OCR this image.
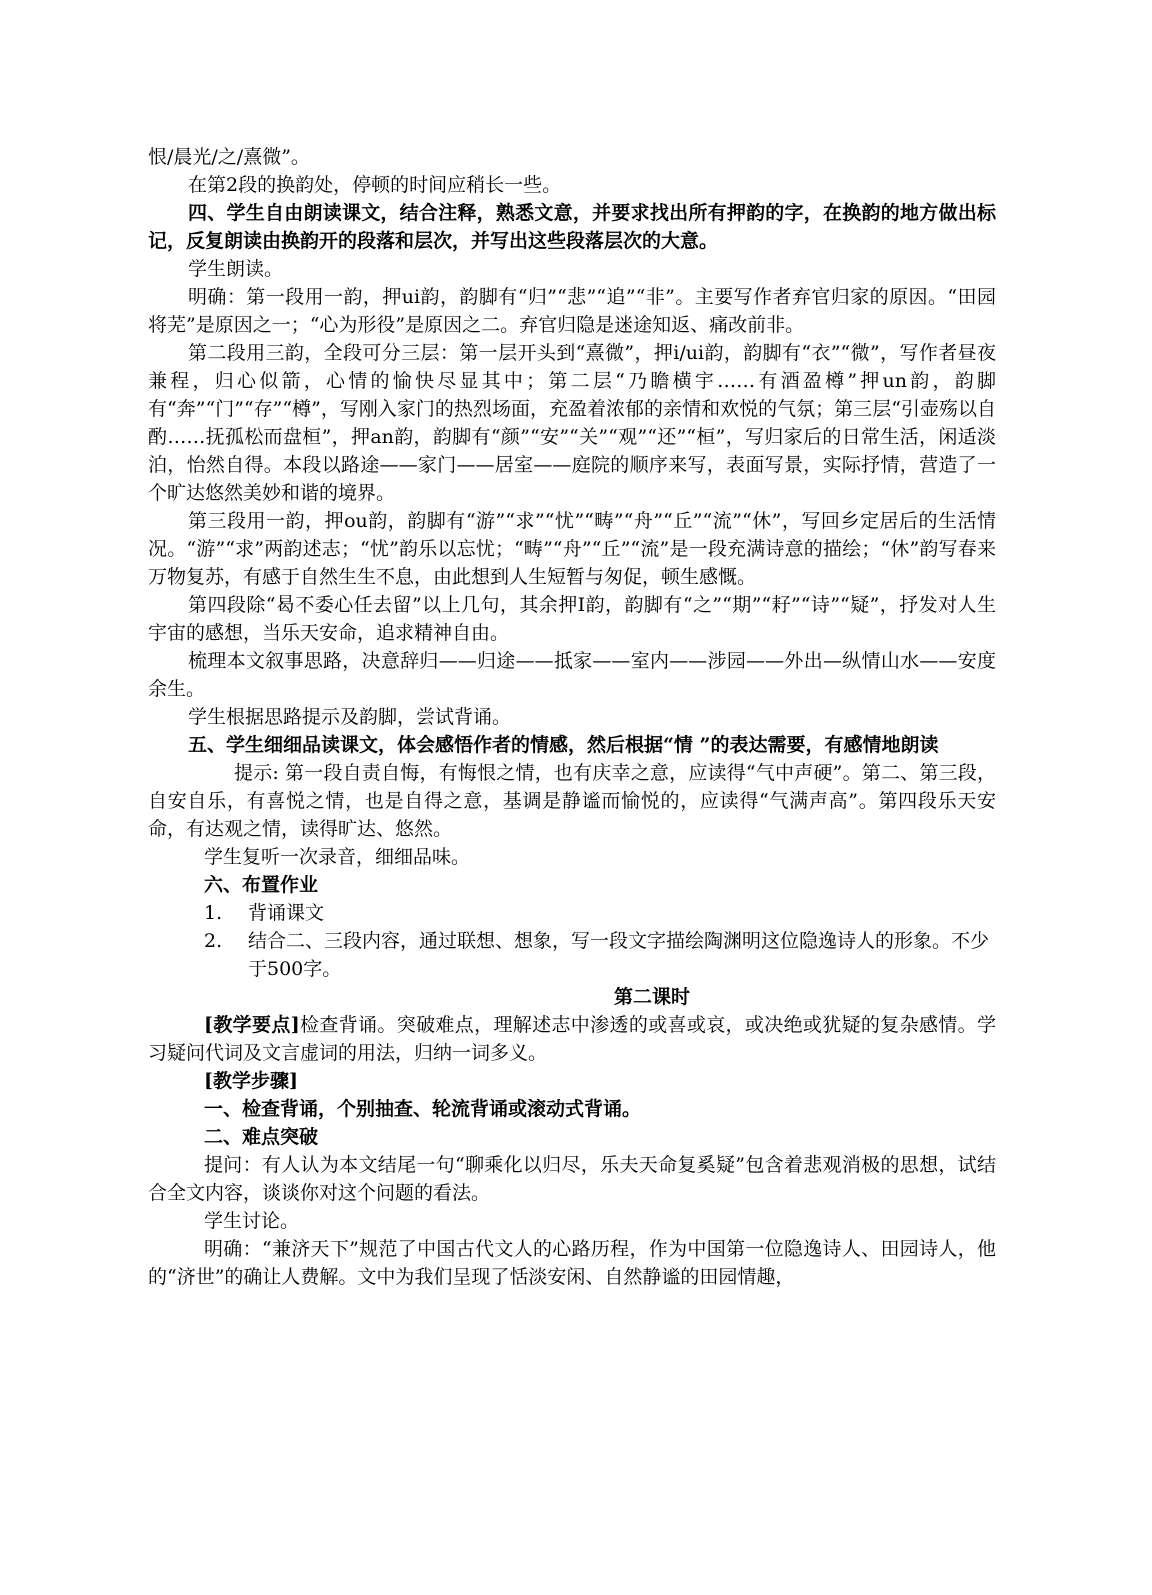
恨/晨光/之/熹微”。

在第2段的换韵处，停顿的时间应稍长一些。

四、学生自由朗读课文，结合注释，熟悉文意，并要求找出所有押韵的字，在换韵的地方做出标记，反复朗读由换韵开的段落和层次，并写出这些段落层次的大意。

学生朗读。

明确：第一段用一韵，押ui韵，韵脚有“归”“悲”“追”“非”。主要写作者弃官归家的原因。“田园将芜”是原因之一；“心为形役”是原因之二。弃官归隐是迷途知返、痛改前非。

第二段用三韵，全段可分三层：第一层开头到“熹微”，押i/ui韵，韵脚有“衣”“微”，写作者昼夜兼程，归心似箭，心情的愉快尽显其中；第二层“乃瞻横宇……有酒盈樽”押un韵，韵脚有“奔”“门”“存”“樽”，写刚入家门的热烈场面，充盈着浓郁的亲情和欢悦的气氛；第三层“引壶殇以自酌……抚孤松而盘桓”，押an韵，韵脚有“颜”“安”“关”“观”“还”“桓”，写归家后的日常生活，闲适淡泊，怡然自得。本段以路途——家门——居室——庭院的顺序来写，表面写景，实际抒情，营造了一个旷达悠然美妙和谐的境界。

第三段用一韵，押ou韵，韵脚有“游”“求”“忧”“畴”“舟”“丘”“流”“休”，写回乡定居后的生活情况。“游”“求”两韵述志；“忧”韵乐以忘忧；“畴”“舟”“丘”“流”是一段充满诗意的描绘；“休”韵写春来万物复苏，有感于自然生生不息，由此想到人生短暂与匆促，顿生感慨。

第四段除“曷不委心任去留”以上几句，其余押I韵，韵脚有“之”“期”“耔”“诗”“疑”，抒发对人生宇宙的感想，当乐天安命，追求精神自由。

梳理本文叙事思路，决意辞归——归途——抵家——室内——涉园——外出—纵情山水——安度余生。

学生根据思路提示及韵脚，尝试背诵。

五、学生细细品读课文，体会感悟作者的情感，然后根据“情 ”的表达需要，有感情地朗读

提示: 第一段自责自悔，有悔恨之情，也有庆幸之意，应读得“气中声硬”。第二、第三段，自安自乐，有喜悦之情，也是自得之意，基调是静谧而愉悦的，应读得“气满声高”。第四段乐天安命，有达观之情，读得旷达、悠然。

学生复听一次录音，细细品味。

六、布置作业

1.	背诵课文
2.	结合二、三段内容，通过联想、想象，写一段文字描绘陶渊明这位隐逸诗人的形象。不少于500字。

第二课时

[教学要点]检查背诵。突破难点，理解述志中渗透的或喜或哀，或决绝或犹疑的复杂感情。学习疑问代词及文言虚词的用法，归纳一词多义。

[教学步骤]

一、检查背诵，个别抽查、轮流背诵或滚动式背诵。

二、难点突破

提问：有人认为本文结尾一句“聊乘化以归尽，乐夫天命复奚疑”包含着悲观消极的思想，试结合全文内容，谈谈你对这个问题的看法。

学生讨论。

明确：“兼济天下”规范了中国古代文人的心路历程，作为中国第一位隐逸诗人、田园诗人，他的“济世”的确让人费解。文中为我们呈现了恬淡安闲、自然静谧的田园情趣，
